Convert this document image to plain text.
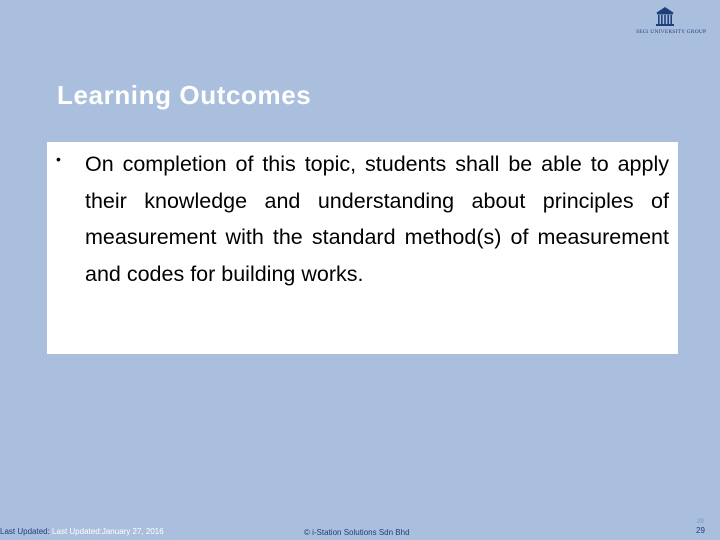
SEGi UNIVERSITY GROUP
Learning Outcomes
• On completion of this topic, students shall be able to apply their knowledge and understanding about principles of measurement with the standard method(s) of measurement and codes for building works.

Last Updated: Last Updated:January 27, 2016	© i-Station Solutions Sdn Bhd
29
29
